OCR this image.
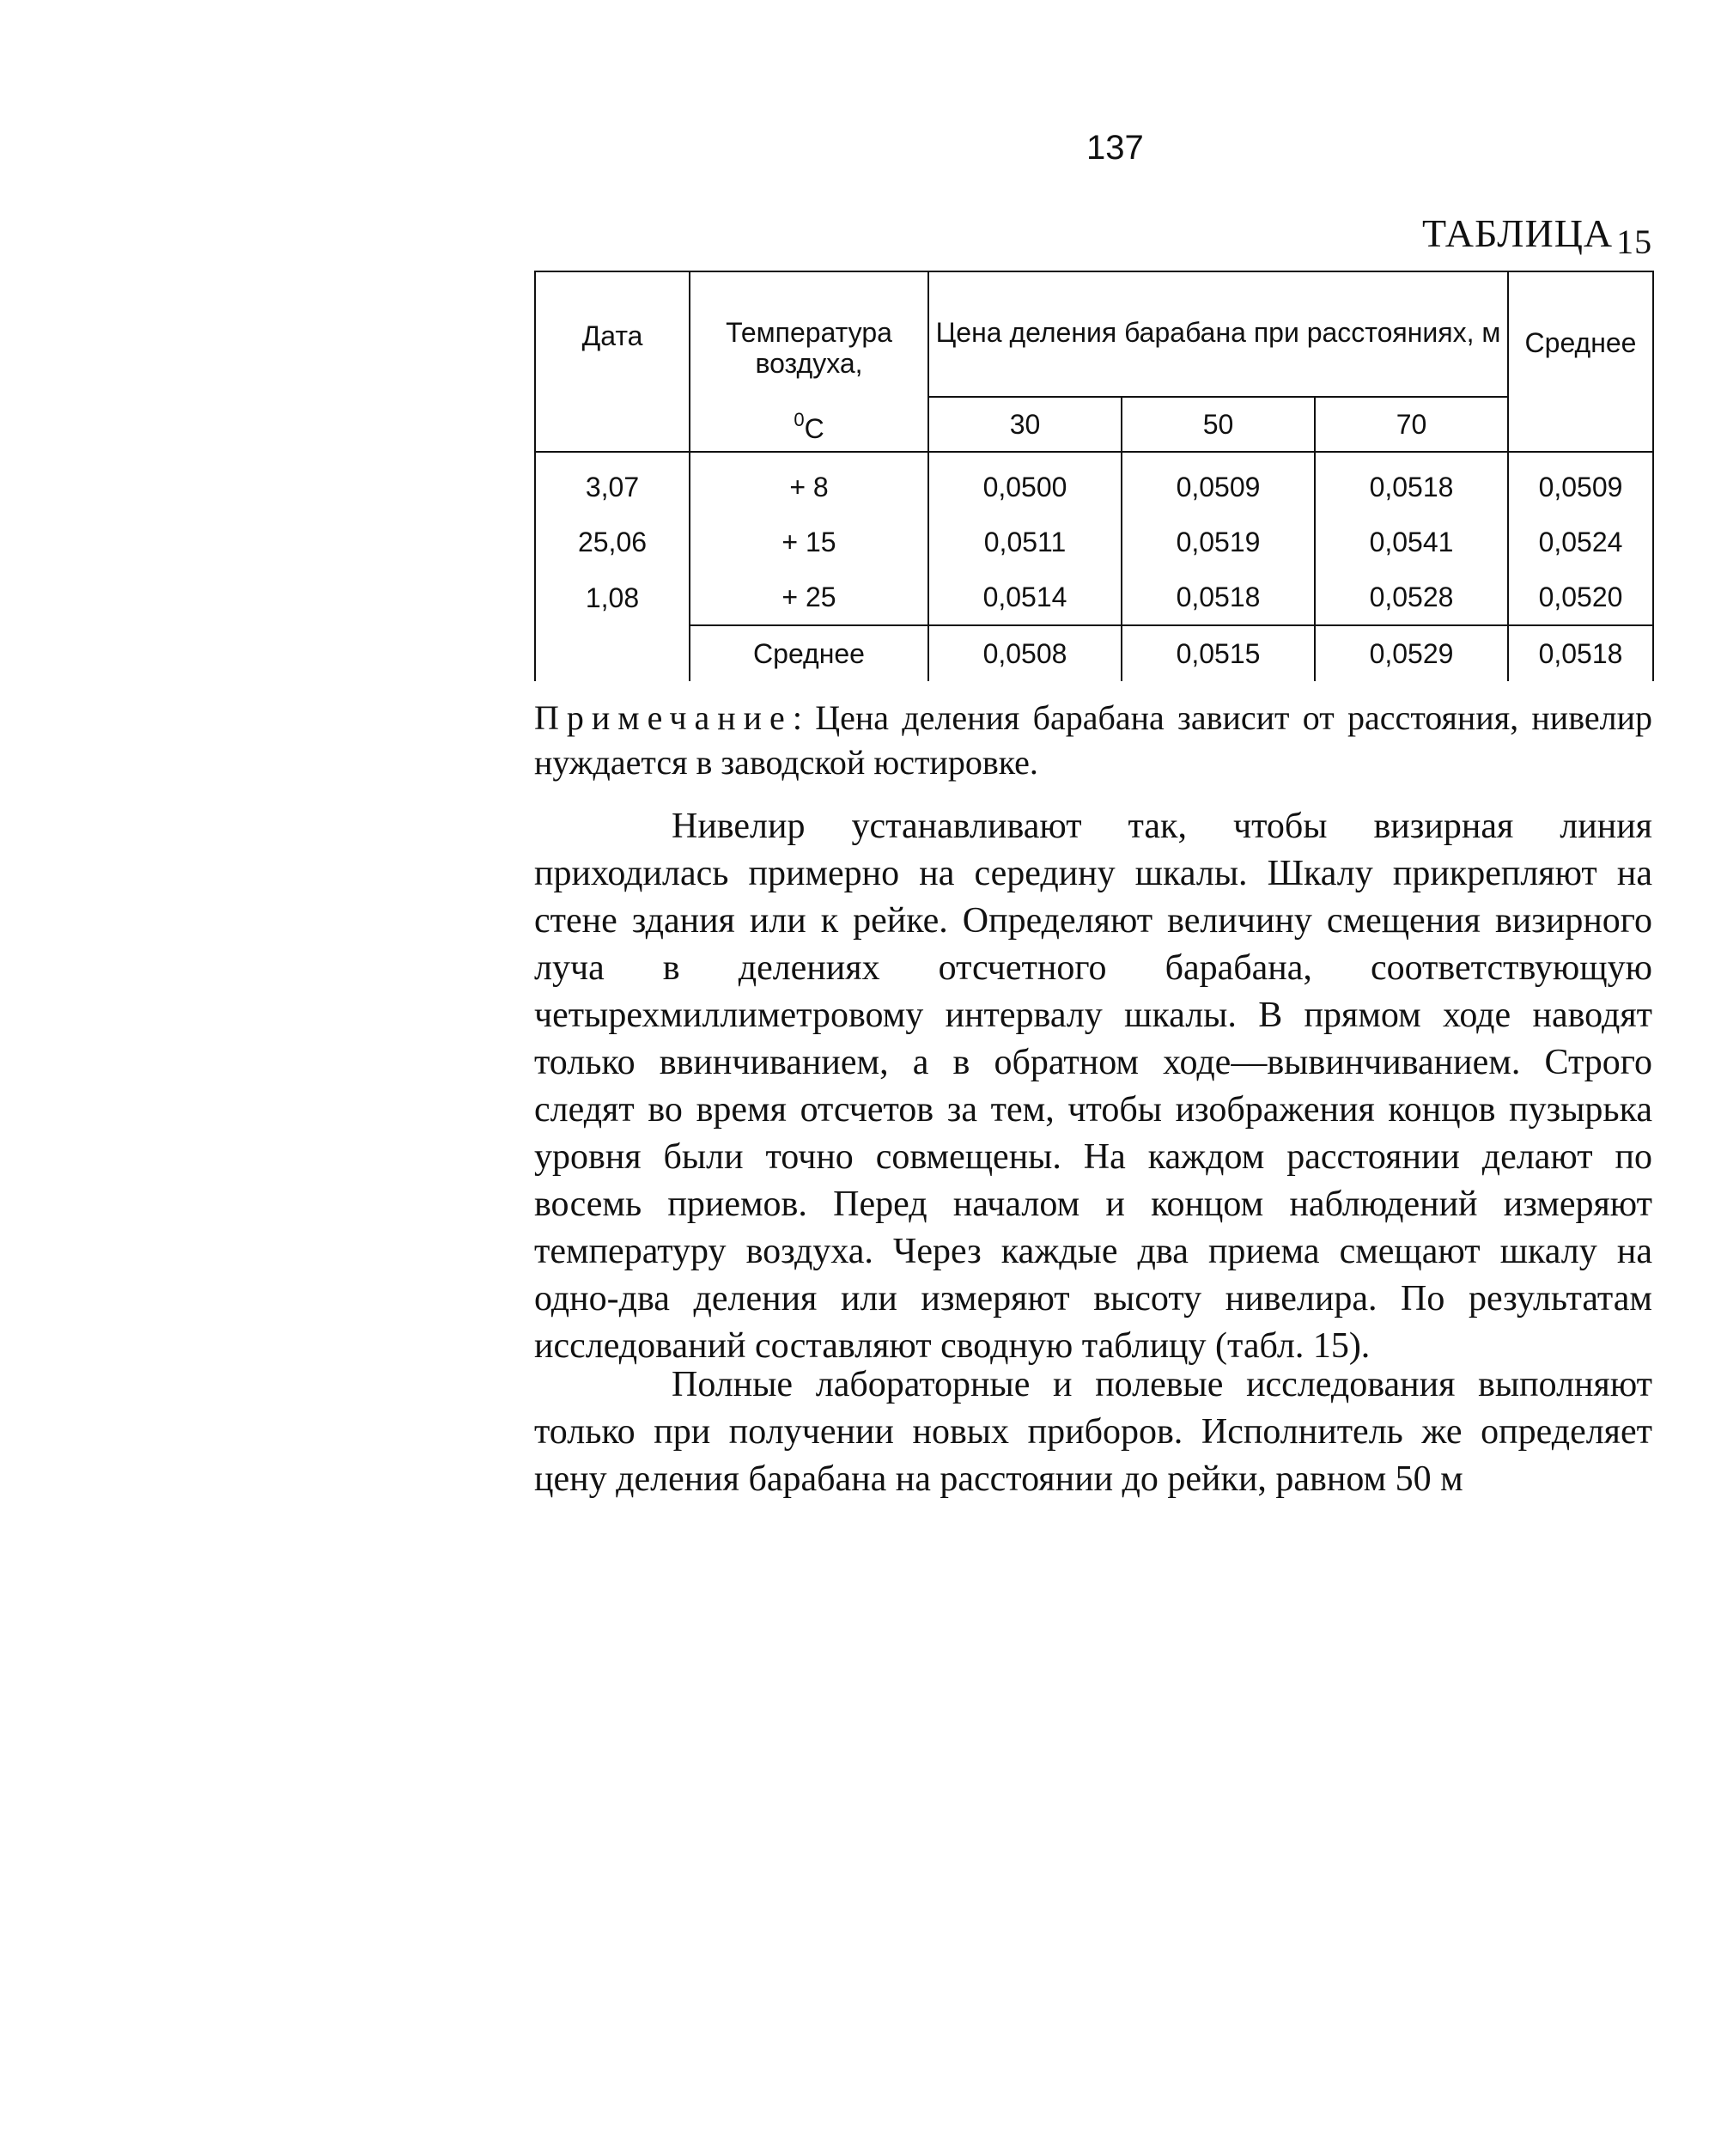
137
ТАБЛИЦА 15
Дата	Температура воздуха,	Цена деления барабана при расстояниях, м			Среднее
	$^0$C	30	50	70	
3,07	+ 8	0,0500	0,0509	0,0518	0,0509
25,06	+ 15	0,0511	0,0519	0,0541	0,0524
1,08	+ 25	0,0514	0,0518	0,0528	0,0520
	Среднее	0,0508	0,0515	0,0529	0,0518
Примечание: Цена деления барабана зависит от расстояния, нивелир нуждается в заводской юстировке.

Нивелир устанавливают так, чтобы визирная линия приходилась примерно на середину шкалы. Шкалу прикрепляют на стене здания или к рейке. Определяют величину смещения визирного луча в делениях отсчетного барабана, соответствующую четырехмиллиметровому интервалу шкалы. В прямом ходе наводят только ввинчиванием, а в обратном ходе––вывинчиванием. Строго следят во время отсчетов за тем, чтобы изображения концов пузырька уровня были точно совмещены. На каждом расстоянии делают по восемь приемов. Перед началом и концом наблюдений измеряют температуру воздуха. Через каждые два приема смещают шкалу на одно-два деления или измеряют высоту нивелира. По результатам исследований составляют сводную таблицу (табл. 15).

Полные лабораторные и полевые исследования выполняют только при получении новых приборов. Исполнитель же определяет цену деления барабана на расстоянии до рейки, равном 50 м
